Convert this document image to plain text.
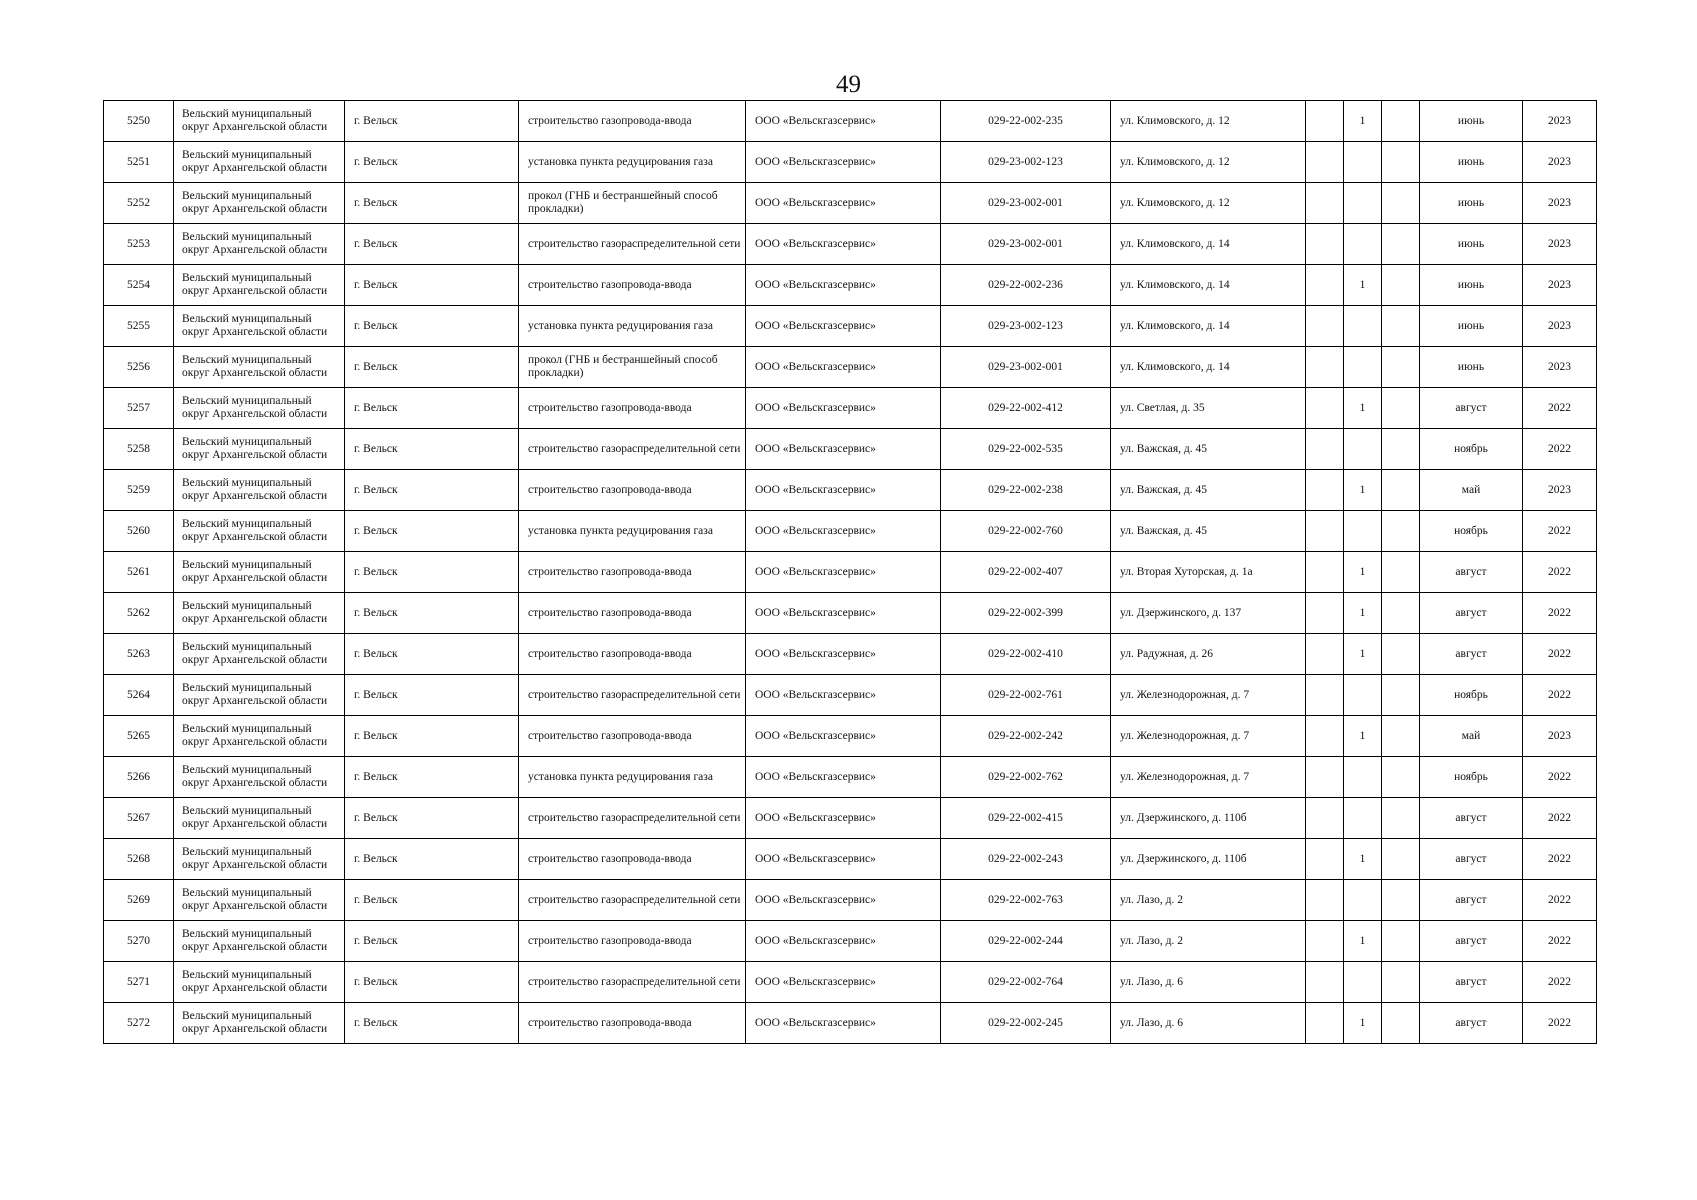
49
5250	Вельский муниципальный округ Архангельской области	г. Вельск	строительство газопровода-ввода	ООО «Вельскгазсервис»	029-22-002-235	ул. Климовского, д. 12		1		июнь	2023
5251	Вельский муниципальный округ Архангельской области	г. Вельск	установка пункта редуцирования газа	ООО «Вельскгазсервис»	029-23-002-123	ул. Климовского, д. 12				июнь	2023
5252	Вельский муниципальный округ Архангельской области	г. Вельск	прокол (ГНБ и бестраншейный способ прокладки)	ООО «Вельскгазсервис»	029-23-002-001	ул. Климовского, д. 12				июнь	2023
5253	Вельский муниципальный округ Архангельской области	г. Вельск	строительство газораспределительной сети	ООО «Вельскгазсервис»	029-23-002-001	ул. Климовского, д. 14				июнь	2023
5254	Вельский муниципальный округ Архангельской области	г. Вельск	строительство газопровода-ввода	ООО «Вельскгазсервис»	029-22-002-236	ул. Климовского, д. 14		1		июнь	2023
5255	Вельский муниципальный округ Архангельской области	г. Вельск	установка пункта редуцирования газа	ООО «Вельскгазсервис»	029-23-002-123	ул. Климовского, д. 14				июнь	2023
5256	Вельский муниципальный округ Архангельской области	г. Вельск	прокол (ГНБ и бестраншейный способ прокладки)	ООО «Вельскгазсервис»	029-23-002-001	ул. Климовского, д. 14				июнь	2023
5257	Вельский муниципальный округ Архангельской области	г. Вельск	строительство газопровода-ввода	ООО «Вельскгазсервис»	029-22-002-412	ул. Светлая, д. 35		1		август	2022
5258	Вельский муниципальный округ Архангельской области	г. Вельск	строительство газораспределительной сети	ООО «Вельскгазсервис»	029-22-002-535	ул. Важская, д. 45				ноябрь	2022
5259	Вельский муниципальный округ Архангельской области	г. Вельск	строительство газопровода-ввода	ООО «Вельскгазсервис»	029-22-002-238	ул. Важская, д. 45		1		май	2023
5260	Вельский муниципальный округ Архангельской области	г. Вельск	установка пункта редуцирования газа	ООО «Вельскгазсервис»	029-22-002-760	ул. Важская, д. 45				ноябрь	2022
5261	Вельский муниципальный округ Архангельской области	г. Вельск	строительство газопровода-ввода	ООО «Вельскгазсервис»	029-22-002-407	ул. Вторая Хуторская, д. 1а		1		август	2022
5262	Вельский муниципальный округ Архангельской области	г. Вельск	строительство газопровода-ввода	ООО «Вельскгазсервис»	029-22-002-399	ул. Дзержинского, д. 137		1		август	2022
5263	Вельский муниципальный округ Архангельской области	г. Вельск	строительство газопровода-ввода	ООО «Вельскгазсервис»	029-22-002-410	ул. Радужная, д. 26		1		август	2022
5264	Вельский муниципальный округ Архангельской области	г. Вельск	строительство газораспределительной сети	ООО «Вельскгазсервис»	029-22-002-761	ул. Железнодорожная, д. 7				ноябрь	2022
5265	Вельский муниципальный округ Архангельской области	г. Вельск	строительство газопровода-ввода	ООО «Вельскгазсервис»	029-22-002-242	ул. Железнодорожная, д. 7		1		май	2023
5266	Вельский муниципальный округ Архангельской области	г. Вельск	установка пункта редуцирования газа	ООО «Вельскгазсервис»	029-22-002-762	ул. Железнодорожная, д. 7				ноябрь	2022
5267	Вельский муниципальный округ Архангельской области	г. Вельск	строительство газораспределительной сети	ООО «Вельскгазсервис»	029-22-002-415	ул. Дзержинского, д. 110б				август	2022
5268	Вельский муниципальный округ Архангельской области	г. Вельск	строительство газопровода-ввода	ООО «Вельскгазсервис»	029-22-002-243	ул. Дзержинского, д. 110б		1		август	2022
5269	Вельский муниципальный округ Архангельской области	г. Вельск	строительство газораспределительной сети	ООО «Вельскгазсервис»	029-22-002-763	ул. Лазо, д. 2				август	2022
5270	Вельский муниципальный округ Архангельской области	г. Вельск	строительство газопровода-ввода	ООО «Вельскгазсервис»	029-22-002-244	ул. Лазо, д. 2		1		август	2022
5271	Вельский муниципальный округ Архангельской области	г. Вельск	строительство газораспределительной сети	ООО «Вельскгазсервис»	029-22-002-764	ул. Лазо, д. 6				август	2022
5272	Вельский муниципальный округ Архангельской области	г. Вельск	строительство газопровода-ввода	ООО «Вельскгазсервис»	029-22-002-245	ул. Лазо, д. 6		1		август	2022
